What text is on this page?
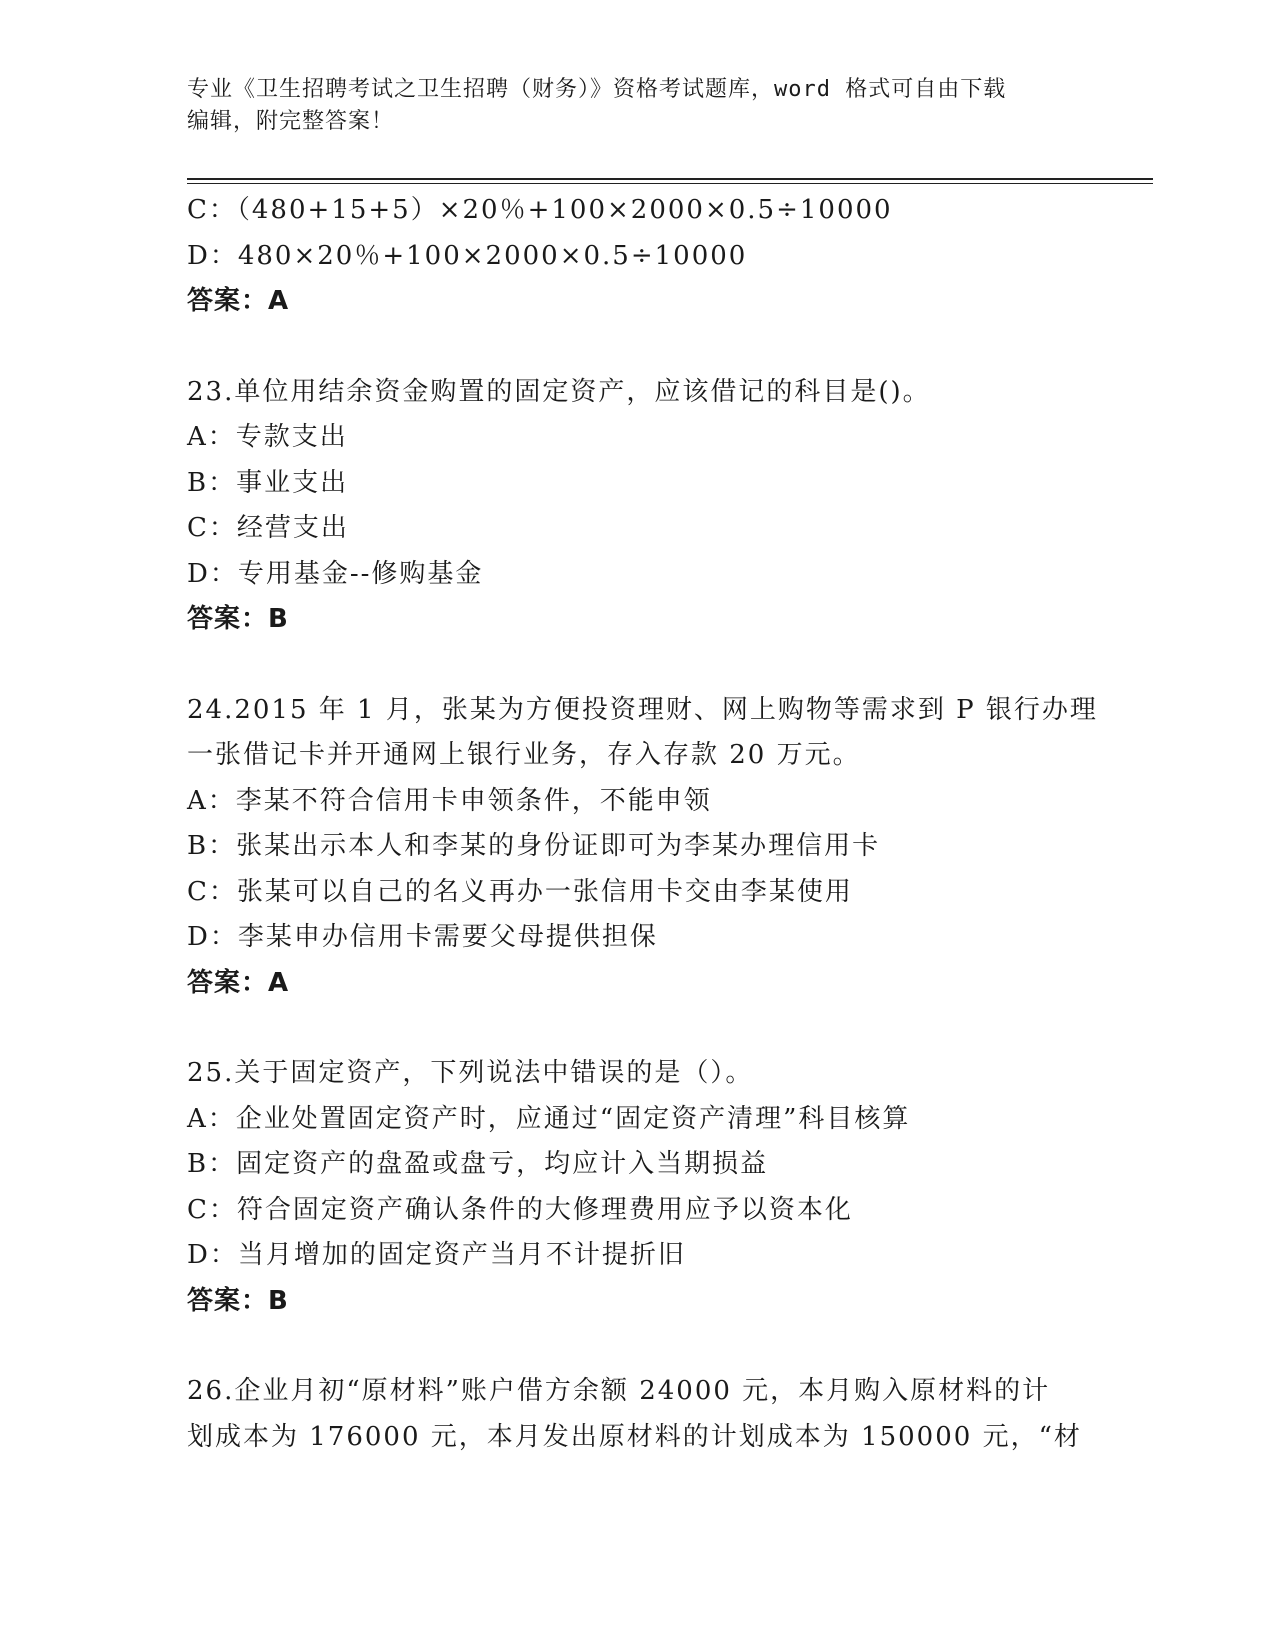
专业《卫生招聘考试之卫生招聘（财务）》资格考试题库，word 格式可自由下载
编辑，附完整答案！
C：（480+15+5）×20％+100×2000×0.5÷10000
D：480×20％+100×2000×0.5÷10000
答案：A
23.单位用结余资金购置的固定资产，应该借记的科目是()。
A：专款支出
B：事业支出
C：经营支出
D：专用基金--修购基金
答案：B
24.2015 年 1 月，张某为方便投资理财、网上购物等需求到 P 银行办理
一张借记卡并开通网上银行业务，存入存款 20 万元。
A：李某不符合信用卡申领条件，不能申领
B：张某出示本人和李某的身份证即可为李某办理信用卡
C：张某可以自己的名义再办一张信用卡交由李某使用
D：李某申办信用卡需要父母提供担保
答案：A
25.关于固定资产，下列说法中错误的是（）。
A：企业处置固定资产时，应通过“固定资产清理”科目核算
B：固定资产的盘盈或盘亏，均应计入当期损益
C：符合固定资产确认条件的大修理费用应予以资本化
D：当月增加的固定资产当月不计提折旧
答案：B
26.企业月初“原材料”账户借方余额 24000 元，本月购入原材料的计
划成本为 176000 元，本月发出原材料的计划成本为 150000 元，“材
